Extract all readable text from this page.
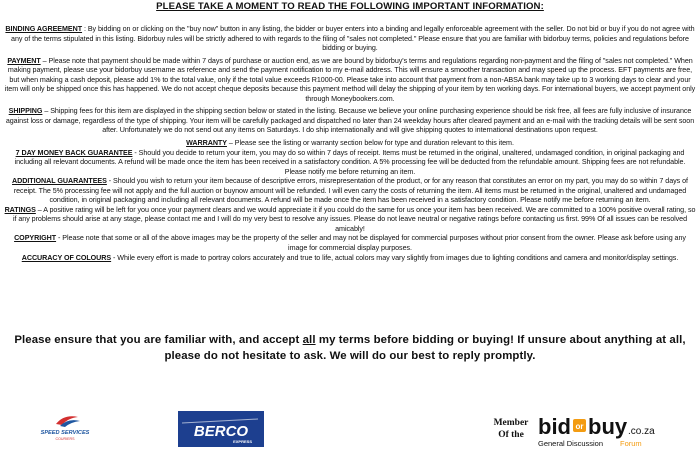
PLEASE TAKE A MOMENT TO READ THE FOLLOWING IMPORTANT INFORMATION:

BINDING AGREEMENT : By bidding on or clicking on the "buy now" button in any listing, the bidder or buyer enters into a binding and legally enforceable agreement with the seller. Do not bid or buy if you do not agree with any of the terms stipulated in this listing. Bidorbuy rules will be strictly adhered to with regards to the filing of "sales not completed." Please ensure that you are familiar with bidorbuy terms, policies and regulations before bidding or buying.

PAYMENT – Please note that payment should be made within 7 days of purchase or auction end, as we are bound by bidorbuy's terms and regulations regarding non-payment and the filing of "sales not completed." When making payment, please use your bidorbuy username as reference and send the payment notification to my e-mail address. This will ensure a smoother transaction and may speed up the process. EFT payments are free, but when making a cash deposit, please add 1% to the total value, only if the total value exceeds R1000-00. Please take into account that payment from a non-ABSA bank may take up to 3 working days to clear and your item will only be shipped once this has happened. We do not accept cheque deposits because this payment method will delay the shipping of your item by ten working days. For international buyers, we accept payment only through Moneybookers.com.

SHIPPING – Shipping fees for this item are displayed in the shipping section below or stated in the listing. Because we believe your online purchasing experience should be risk free, all fees are fully inclusive of insurance against loss or damage, regardless of the type of shipping. Your item will be carefully packaged and dispatched no later than 24 weekday hours after cleared payment and an e-mail with the tracking details will be sent soon after. Unfortunately we do not send out any items on Saturdays. I do ship internationally and will give shipping quotes to international destinations upon request.

WARRANTY – Please see the listing or warranty section below for type and duration relevant to this item.

7 DAY MONEY BACK GUARANTEE - Should you decide to return your item, you may do so within 7 days of receipt. Items must be returned in the original, unaltered, undamaged condition, in original packaging and including all relevant documents. A refund will be made once the item has been received in a satisfactory condition. A 5% processing fee will be deducted from the refundable amount. Shipping fees are not refundable. Please notify me before returning an item.

ADDITIONAL GUARANTEES - Should you wish to return your item because of descriptive errors, misrepresentation of the product, or for any reason that constitutes an error on my part, you may do so within 7 days of receipt. The 5% processing fee will not apply and the full auction or buynow amount will be refunded. I will even carry the costs of returning the item. All items must be returned in the original, unaltered and undamaged condition, in original packaging and including all relevant documents. A refund will be made once the item has been received in a satisfactory condition. Please notify me before returning an item.

RATINGS – A positive rating will be left for you once your payment clears and we would appreciate it if you could do the same for us once your item has been received. We are committed to a 100% positive overall rating, so if any problems should arise at any stage, please contact me and I will do my very best to resolve any issues. Please do not leave neutral or negative ratings before contacting us first. 99% Of all issues can be resolved amicably!

COPYRIGHT - Please note that some or all of the above images may be the property of the seller and may not be displayed for commercial purposes without prior consent from the owner. Please ask before using any image for commercial display purposes.

ACCURACY OF COLOURS - While every effort is made to portray colors accurately and true to life, actual colors may vary slightly from images due to lighting conditions and camera and monitor/display settings.

Please ensure that you are familiar with, and accept all my terms before bidding or buying! If unsure about anything at all, please do not hesitate to ask. We will do our best to reply promptly.
SPEED SERVICES
COURIERS	BERCO
EXPRESS
Member
Of the bid or buy .co.za
General Discussion Forum
